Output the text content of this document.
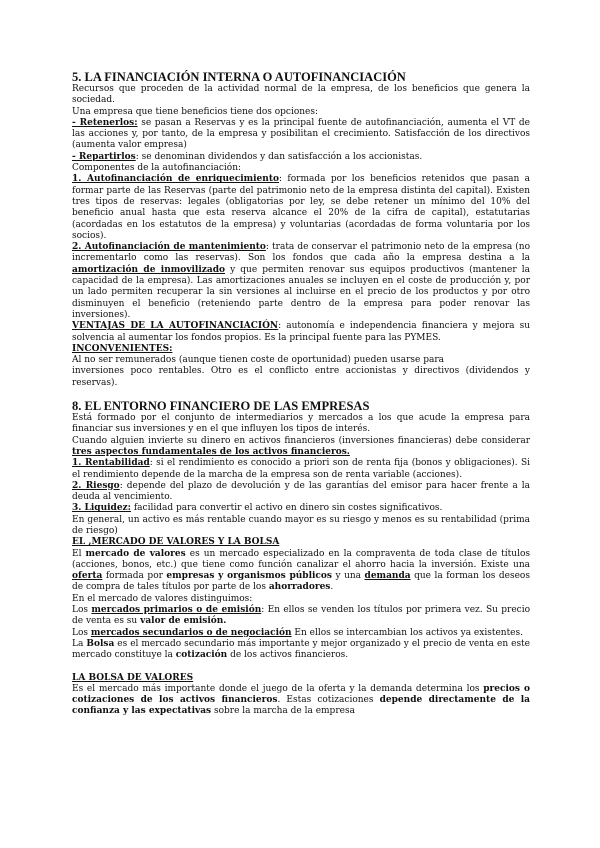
5. LA FINANCIACIÓN INTERNA O AUTOFINANCIACIÓN

Recursos que proceden de la actividad normal de la empresa, de los beneficios que genera la sociedad.

Una empresa que tiene beneficios tiene dos opciones:

- Retenerlos: se pasan a Reservas y es la principal fuente de autofinanciación, aumenta el VT de las acciones y, por tanto, de la empresa y posibilitan el crecimiento. Satisfacción de los directivos (aumenta valor empresa)

- Repartirlos: se denominan dividendos y dan satisfacción a los accionistas.

Componentes de la autofinanciación:

1. Autofinanciación de enriquecimiento: formada por los beneficios retenidos que pasan a formar parte de las Reservas (parte del patrimonio neto de la empresa distinta del capital). Existen tres tipos de reservas: legales (obligatorias por ley, se debe retener un mínimo del 10% del beneficio anual hasta que esta reserva alcance el 20% de la cifra de capital), estatutarias (acordadas en los estatutos de la empresa) y voluntarias (acordadas de forma voluntaria por los socios).

2. Autofinanciación de mantenimiento: trata de conservar el patrimonio neto de la empresa (no incrementarlo como las reservas). Son los fondos que cada año la empresa destina a la amortización de inmovilizado y que permiten renovar sus equipos productivos (mantener la capacidad de la empresa). Las amortizaciones anuales se incluyen en el coste de producción y, por un lado permiten recuperar la sin versiones al incluirse en el precio de los productos y por otro disminuyen el beneficio (reteniendo parte dentro de la empresa para poder renovar las inversiones).

VENTAJAS DE LA AUTOFINANCIACIÓN: autonomía e independencia financiera y mejora su solvencia al aumentar los fondos propios. Es la principal fuente para las PYMES.

INCONVENIENTES:

Al no ser remunerados (aunque tienen coste de oportunidad) pueden usarse para

inversiones poco rentables. Otro es el conflicto entre accionistas y directivos (dividendos y reservas).

8. EL ENTORNO FINANCIERO DE LAS EMPRESAS

Está formado por el conjunto de intermediarios y mercados a los que acude la empresa para financiar sus inversiones y en el que influyen los tipos de interés.

Cuando alguien invierte su dinero en activos financieros (inversiones financieras) debe considerar tres aspectos fundamentales de los activos financieros.

1. Rentabilidad: si el rendimiento es conocido a priori son de renta fija (bonos y obligaciones). Si el rendimiento depende de la marcha de la empresa son de renta variable (acciones).

2. Riesgo: depende del plazo de devolución y de las garantías del emisor para hacer frente a la deuda al vencimiento.

3. Liquidez: facilidad para convertir el activo en dinero sin costes significativos.

En general, un activo es más rentable cuando mayor es su riesgo y menos es su rentabilidad (prima de riesgo)

EL ,MERCADO DE VALORES Y LA BOLSA

El mercado de valores es un mercado especializado en la compraventa de toda clase de títulos (acciones, bonos, etc.) que tiene como función canalizar el ahorro hacia la inversión. Existe una oferta formada por empresas y organismos públicos y una demanda que la forman los deseos de compra de tales títulos por parte de los ahorradores.

En el mercado de valores distinguimos:

Los mercados primarios o de emisión: En ellos se venden los títulos por primera vez. Su precio de venta es su valor de emisión.

Los mercados secundarios o de negociación En ellos se intercambian los activos ya existentes.

La Bolsa es el mercado secundario más importante y mejor organizado y el precio de venta en este mercado constituye la cotización de los activos financieros.

LA BOLSA DE VALORES

Es el mercado más importante donde el juego de la oferta y la demanda determina los precios o cotizaciones de los activos financieros. Estas cotizaciones depende directamente de la confianza y las expectativas sobre la marcha de la empresa
